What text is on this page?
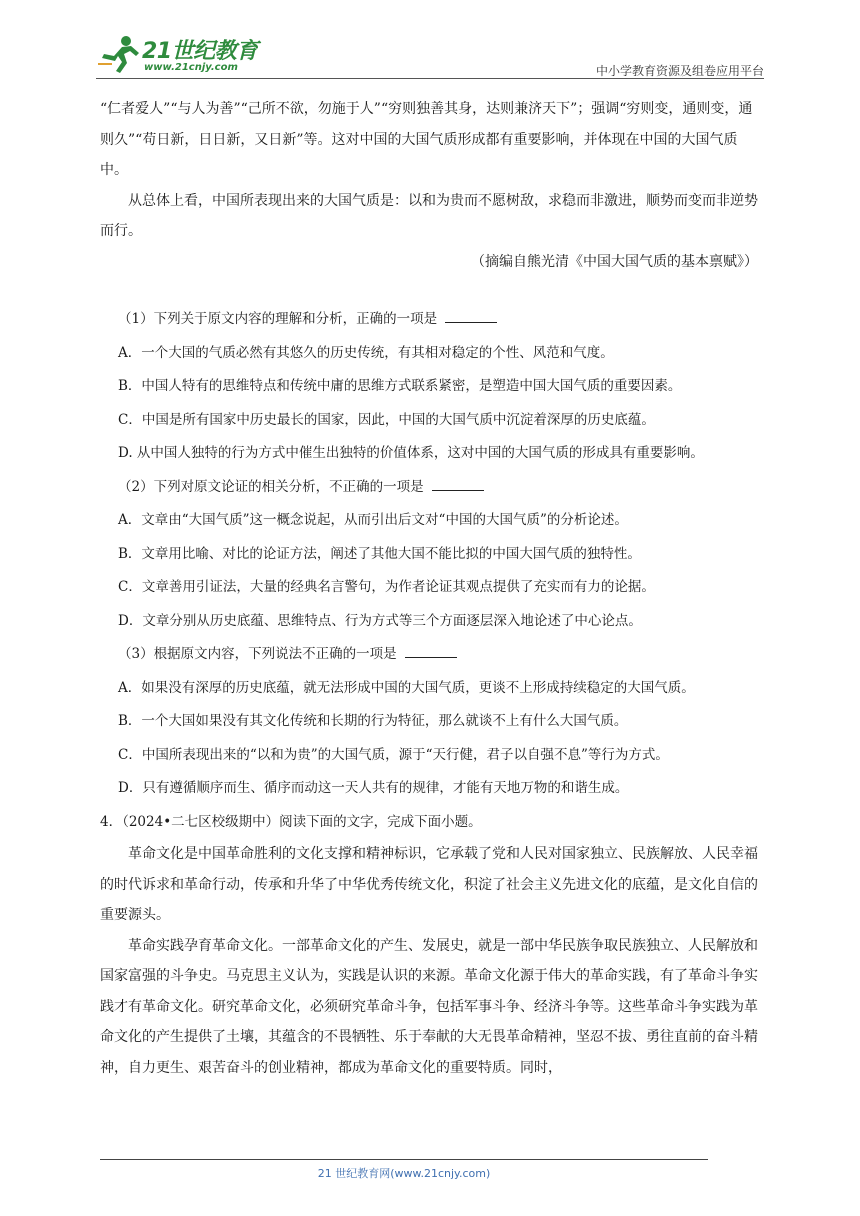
21世纪教育
www.21cnjy.com	中小学教育资源及组卷应用平台

“仁者爱人”“与人为善”“己所不欲，勿施于人”“穷则独善其身，达则兼济天下”；强调“穷则变，通则变，通则久”“苟日新，日日新，又日新”等。这对中国的大国气质形成都有重要影响，并体现在中国的大国气质中。

从总体上看，中国所表现出来的大国气质是：以和为贵而不愿树敌，求稳而非激进，顺势而变而非逆势而行。

（摘编自熊光清《中国大国气质的基本禀赋》）

（1）下列关于原文内容的理解和分析，正确的一项是

A．一个大国的气质必然有其悠久的历史传统，有其相对稳定的个性、风范和气度。

B．中国人特有的思维特点和传统中庸的思维方式联系紧密，是塑造中国大国气质的重要因素。

C．中国是所有国家中历史最长的国家，因此，中国的大国气质中沉淀着深厚的历史底蕴。

D. 从中国人独特的行为方式中催生出独特的价值体系，这对中国的大国气质的形成具有重要影响。

（2）下列对原文论证的相关分析，不正确的一项是

A．文章由“大国气质”这一概念说起，从而引出后文对“中国的大国气质”的分析论述。

B．文章用比喻、对比的论证方法，阐述了其他大国不能比拟的中国大国气质的独特性。

C．文章善用引证法，大量的经典名言警句，为作者论证其观点提供了充实而有力的论据。

D．文章分别从历史底蕴、思维特点、行为方式等三个方面逐层深入地论述了中心论点。

（3）根据原文内容，下列说法不正确的一项是

A．如果没有深厚的历史底蕴，就无法形成中国的大国气质，更谈不上形成持续稳定的大国气质。

B．一个大国如果没有其文化传统和长期的行为特征，那么就谈不上有什么大国气质。

C．中国所表现出来的“以和为贵”的大国气质，源于“天行健，君子以自强不息”等行为方式。

D．只有遵循顺序而生、循序而动这一天人共有的规律，才能有天地万物的和谐生成。

4．（2024•二七区校级期中）阅读下面的文字，完成下面小题。

革命文化是中国革命胜利的文化支撑和精神标识，它承载了党和人民对国家独立、民族解放、人民幸福的时代诉求和革命行动，传承和升华了中华优秀传统文化，积淀了社会主义先进文化的底蕴，是文化自信的重要源头。

革命实践孕育革命文化。一部革命文化的产生、发展史，就是一部中华民族争取民族独立、人民解放和国家富强的斗争史。马克思主义认为，实践是认识的来源。革命文化源于伟大的革命实践，有了革命斗争实践才有革命文化。研究革命文化，必须研究革命斗争，包括军事斗争、经济斗争等。这些革命斗争实践为革命文化的产生提供了土壤，其蕴含的不畏牺牲、乐于奉献的大无畏革命精神，坚忍不拔、勇往直前的奋斗精神，自力更生、艰苦奋斗的创业精神，都成为革命文化的重要特质。同时，

21 世纪教育网(www.21cnjy.com)
